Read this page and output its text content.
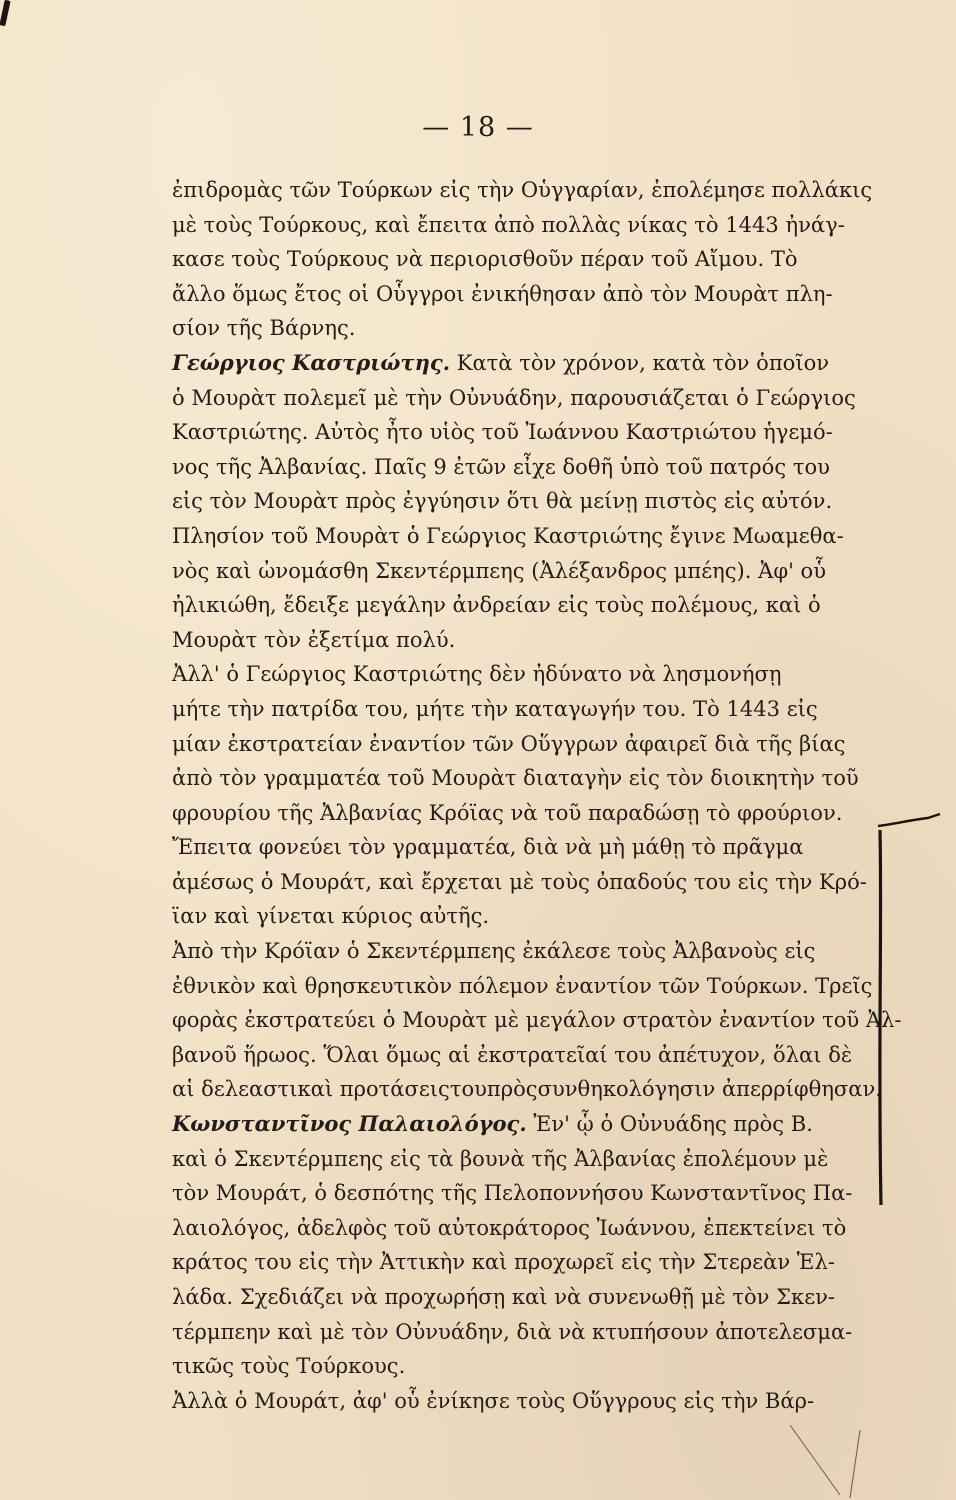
— 18 —
ἐπιδρομὰς τῶν Τούρκων εἰς τὴν Οὑγγαρίαν, ἐπολέμησε πολλάκις
μὲ τοὺς Τούρκους, καὶ ἔπειτα ἀπὸ πολλὰς νίκας τὸ 1443 ἠνάγ-
κασε τοὺς Τούρκους νὰ περιορισθοῦν πέραν τοῦ Αἴμου. Τὸ
ἄλλο ὅμως ἔτος οἱ Οὗγγροι ἐνικήθησαν ἀπὸ τὸν Μουρὰτ πλη-
σίον τῆς Βάρνης.
Γεώργιος Καστριώτης. Κατὰ τὸν χρόνον, κατὰ τὸν ὁποῖον
ὁ Μουρὰτ πολεμεῖ μὲ τὴν Οὐνυάδην, παρουσιάζεται ὁ Γεώργιος
Καστριώτης. Αὐτὸς ἦτο υἱὸς τοῦ Ἰωάννου Καστριώτου ἡγεμό-
νος τῆς Ἀλβανίας. Παῖς 9 ἐτῶν εἶχε δοθῆ ὑπὸ τοῦ πατρός του
εἰς τὸν Μουρὰτ πρὸς ἐγγύησιν ὅτι θὰ μείνῃ πιστὸς εἰς αὐτόν.
Πλησίον τοῦ Μουρὰτ ὁ Γεώργιος Καστριώτης ἔγινε Μωαμεθα-
νὸς καὶ ὠνομάσθη Σκεντέρμπεης (Ἀλέξανδρος μπέης). Ἀφ' οὗ
ἠλικιώθη, ἔδειξε μεγάλην ἀνδρείαν εἰς τοὺς πολέμους, καὶ ὁ
Μουρὰτ τὸν ἐξετίμα πολύ.
Ἀλλ' ὁ Γεώργιος Καστριώτης δὲν ἠδύνατο νὰ λησμονήσῃ
μήτε τὴν πατρίδα του, μήτε τὴν καταγωγήν του. Τὸ 1443 εἰς
μίαν ἐκστρατείαν ἐναντίον τῶν Οὕγγρων ἀφαιρεῖ διὰ τῆς βίας
ἀπὸ τὸν γραμματέα τοῦ Μουρὰτ διαταγὴν εἰς τὸν διοικητὴν τοῦ
φρουρίου τῆς Ἀλβανίας Κρόϊας νὰ τοῦ παραδώσῃ τὸ φρούριον.
Ἔπειτα φονεύει τὸν γραμματέα, διὰ νὰ μὴ μάθῃ τὸ πρᾶγμα
ἀμέσως ὁ Μουράτ, καὶ ἔρχεται μὲ τοὺς ὀπαδούς του εἰς τὴν Κρό-
ϊαν καὶ γίνεται κύριος αὐτῆς.
Ἀπὸ τὴν Κρόϊαν ὁ Σκεντέρμπεης ἐκάλεσε τοὺς Ἀλβανοὺς εἰς
ἐθνικὸν καὶ θρησκευτικὸν πόλεμον ἐναντίον τῶν Τούρκων. Τρεῖς
φορὰς ἐκστρατεύει ὁ Μουρὰτ μὲ μεγάλον στρατὸν ἐναντίον τοῦ Ἀλ-
βανοῦ ἥρωος. Ὅλαι ὅμως αἱ ἐκστρατεῖαί του ἀπέτυχον, ὅλαι δὲ
αἱ δελεαστικαὶ προτάσειςτουπρὸςσυνθηκολόγησιν ἀπερρίφθησαν.
Κωνσταντῖνος Παλαιολόγος. Ἐν' ᾧ ὁ Οὐνυάδης πρὸς Β.
καὶ ὁ Σκεντέρμπεης εἰς τὰ βουνὰ τῆς Ἀλβανίας ἐπολέμουν μὲ
τὸν Μουράτ, ὁ δεσπότης τῆς Πελοποννήσου Κωνσταντῖνος Πα-
λαιολόγος, ἀδελφὸς τοῦ αὐτοκράτορος Ἰωάννου, ἐπεκτείνει τὸ
κράτος του εἰς τὴν Ἀττικὴν καὶ προχωρεῖ εἰς τὴν Στερεὰν Ἑλ-
λάδα. Σχεδιάζει νὰ προχωρήσῃ καὶ νὰ συνενωθῇ μὲ τὸν Σκεν-
τέρμπεην καὶ μὲ τὸν Οὐνυάδην, διὰ νὰ κτυπήσουν ἀποτελεσμα-
τικῶς τοὺς Τούρκους.
Ἀλλὰ ὁ Μουράτ, ἀφ' οὗ ἐνίκησε τοὺς Οὕγγρους εἰς τὴν Βάρ-
